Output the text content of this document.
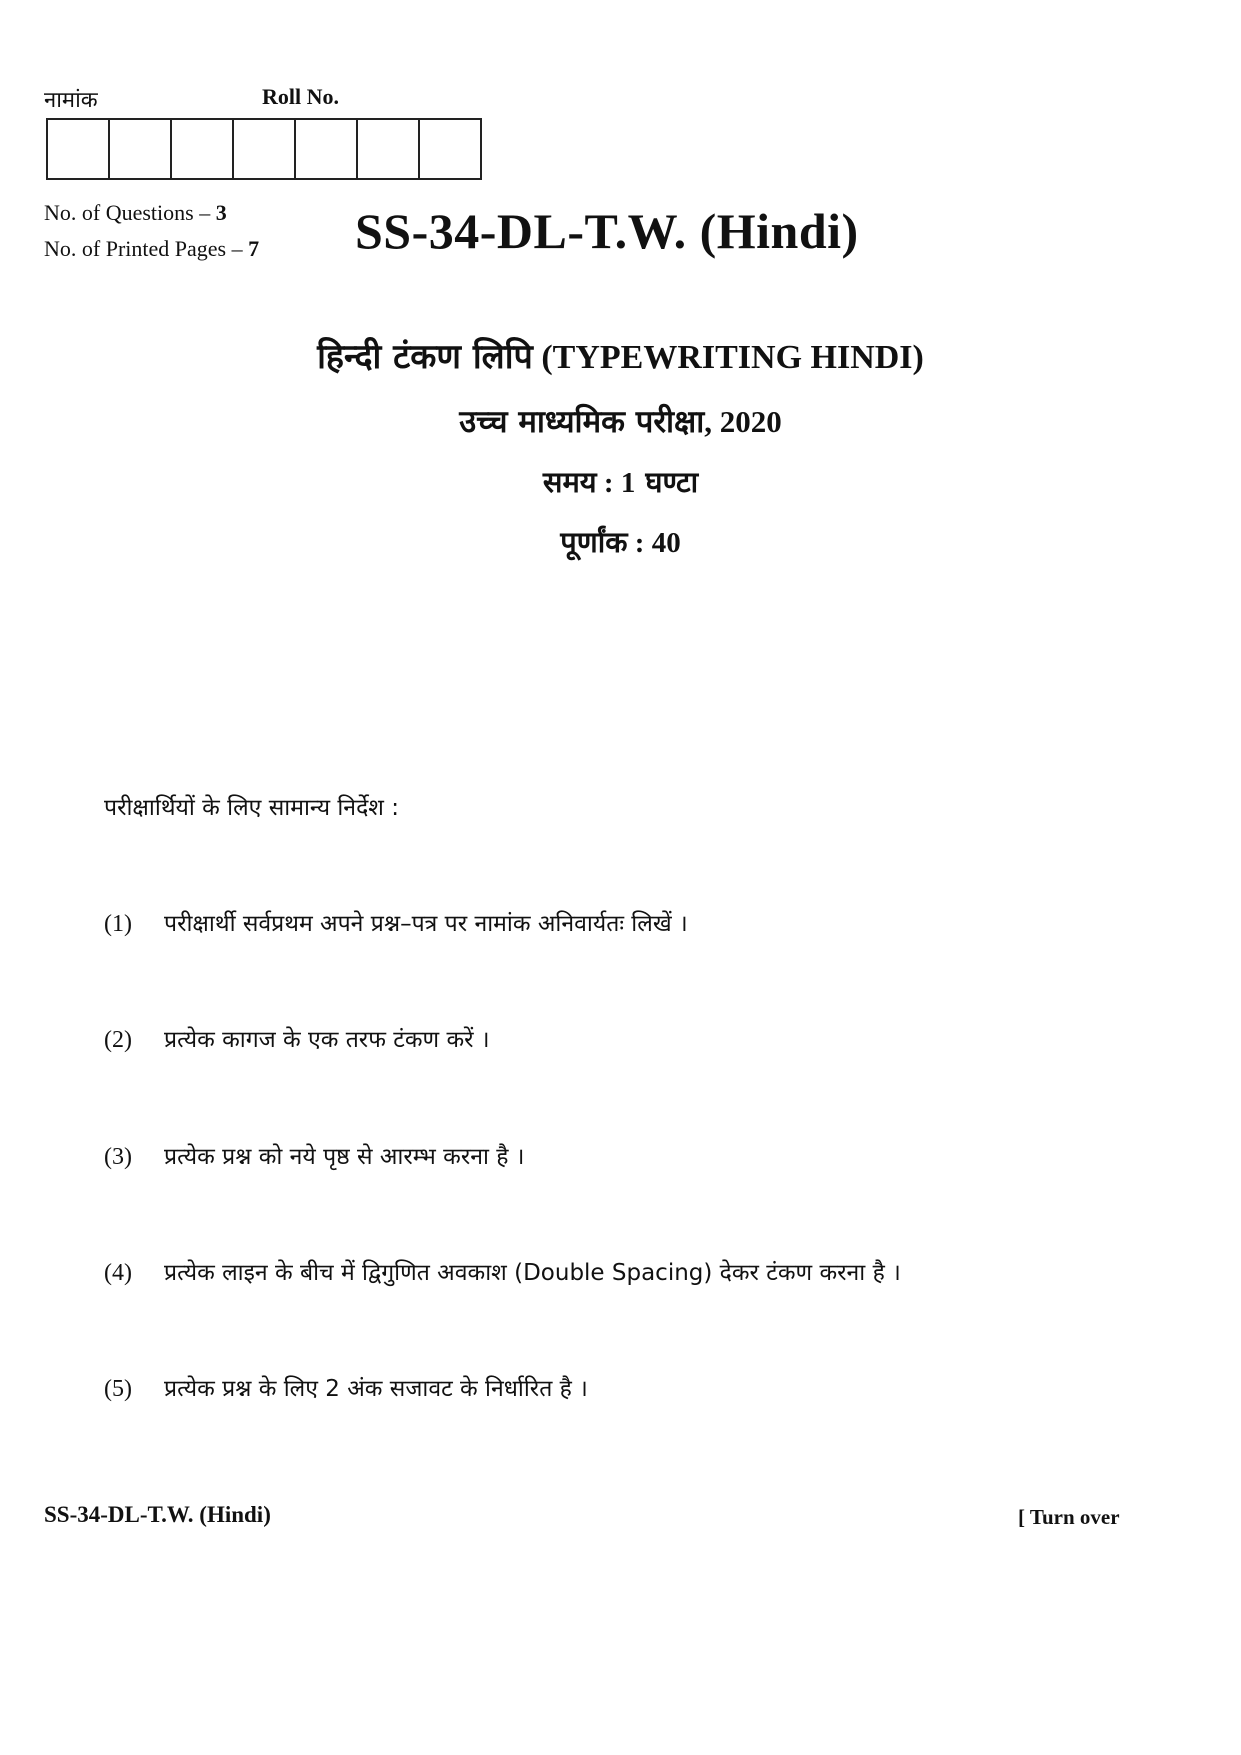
नामांक	Roll No.
No. of Questions – 3
No. of Printed Pages – 7 SS-34-DL-T.W. (Hindi)
हिन्दी टंकण लिपि (TYPEWRITING HINDI)
उच्च माध्यमिक परीक्षा, 2020
समय : 1 घण्टा
पूर्णांक : 40
परीक्षार्थियों के लिए सामान्य निर्देश :
(1)	परीक्षार्थी सर्वप्रथम अपने प्रश्न–पत्र पर नामांक अनिवार्यतः लिखें ।
(2)	प्रत्येक कागज के एक तरफ टंकण करें ।
(3)	प्रत्येक प्रश्न को नये पृष्ठ से आरम्भ करना है ।
(4)	प्रत्येक लाइन के बीच में द्विगुणित अवकाश (Double Spacing) देकर टंकण करना है ।
(5)	प्रत्येक प्रश्न के लिए 2 अंक सजावट के निर्धारित है ।
SS-34-DL-T.W. (Hindi)	[ Turn over
